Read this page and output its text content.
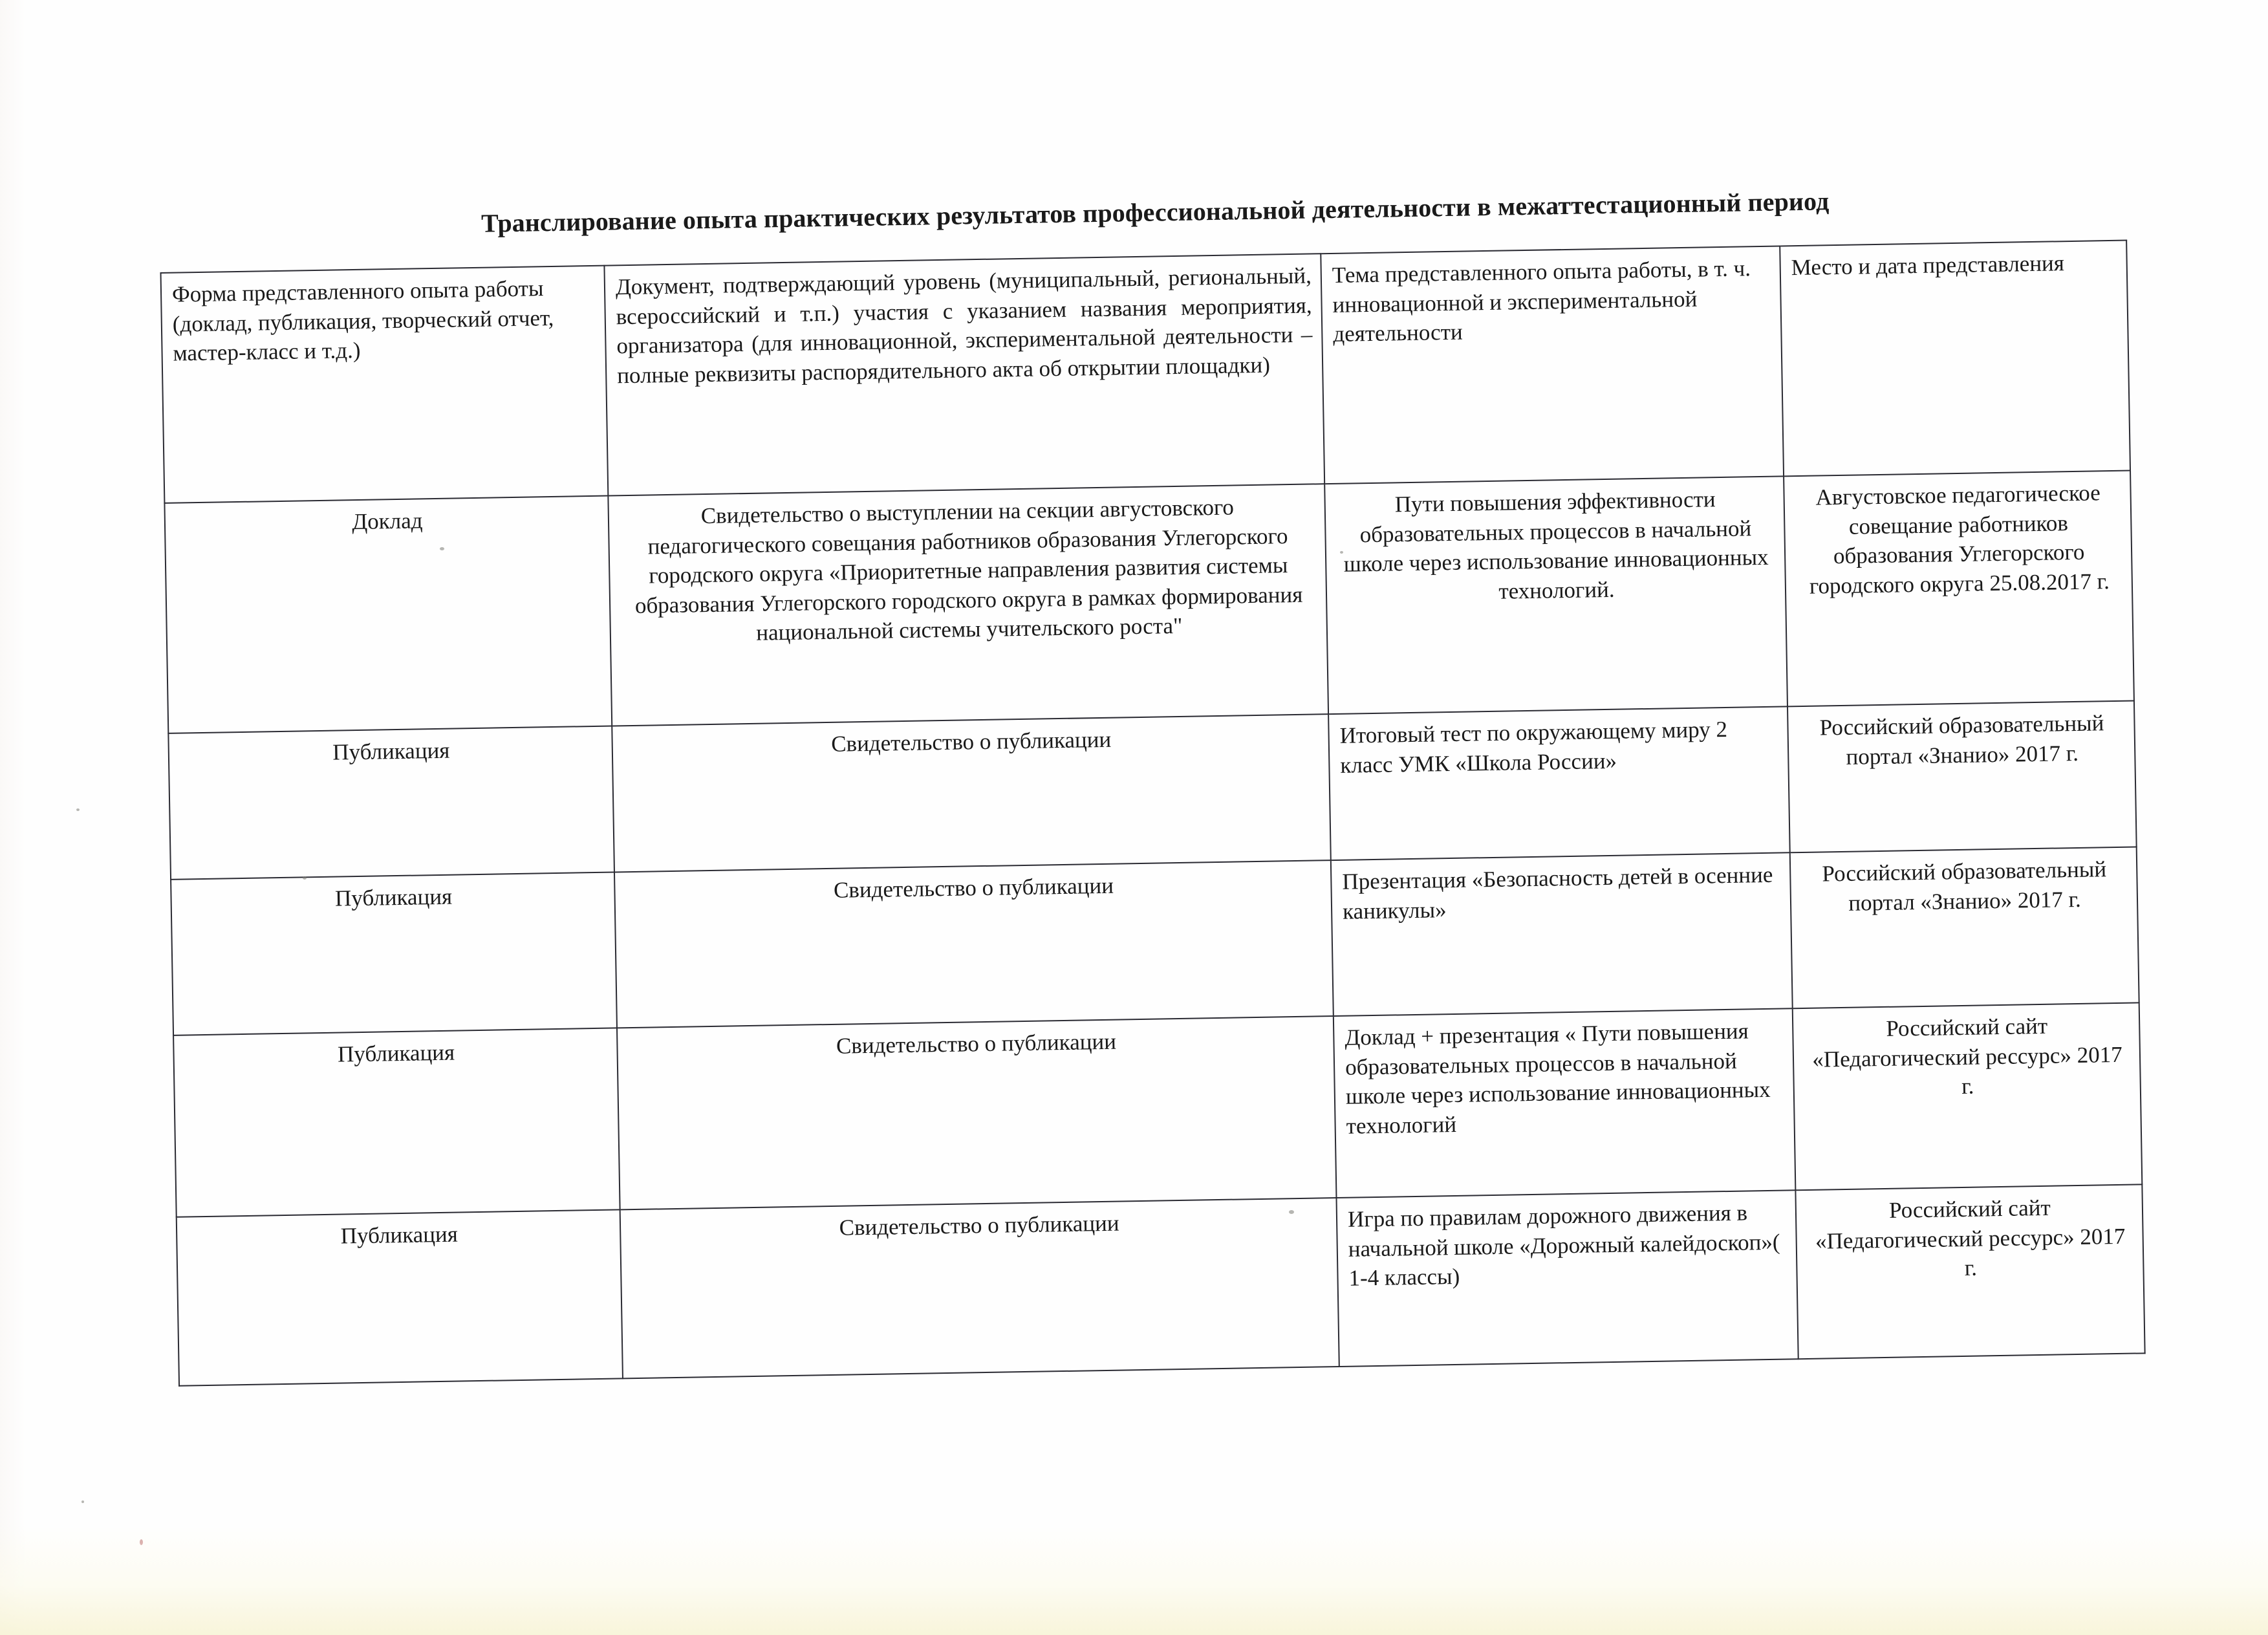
Транслирование опыта практических результатов профессиональной деятельности в межаттестационный период
Форма представленного опыта работы (доклад, публикация, творческий отчет, мастер-класс и т.д.)	Документ, подтверждающий уровень (муниципальный, региональный, всероссийский и т.п.) участия с указанием названия мероприятия, организатора (для инновационной, экспериментальной деятельности – полные реквизиты распорядительного акта об открытии площадки)	Тема представленного опыта работы, в т. ч. инновационной и экспериментальной деятельности	Место и дата представления
Доклад	Свидетельство о выступлении на секции августовского педагогического совещания работников образования Углегорского городского округа «Приоритетные направления развития системы образования Углегорского городского округа в рамках формирования национальной системы учительского роста"	Пути повышения эффективности образовательных процессов в начальной школе через использование инновационных технологий.	Августовское педагогическое совещание работников образования Углегорского городского округа 25.08.2017 г.
Публикация	Свидетельство о публикации	Итоговый тест по окружающему миру 2 класс УМК «Школа России»	Российский образовательный портал «Знанио» 2017 г.
Публикация	Свидетельство о публикации	Презентация «Безопасность детей в осенние каникулы»	Российский образовательный портал «Знанио» 2017 г.
Публикация	Свидетельство о публикации	Доклад + презентация « Пути повышения образовательных процессов в начальной школе через использование инновационных технологий	Российский сайт «Педагогический рессурс» 2017 г.
Публикация	Свидетельство о публикации	Игра по правилам дорожного движения в начальной школе «Дорожный калейдоскоп»( 1-4 классы)	Российский сайт «Педагогический рессурс» 2017 г.
